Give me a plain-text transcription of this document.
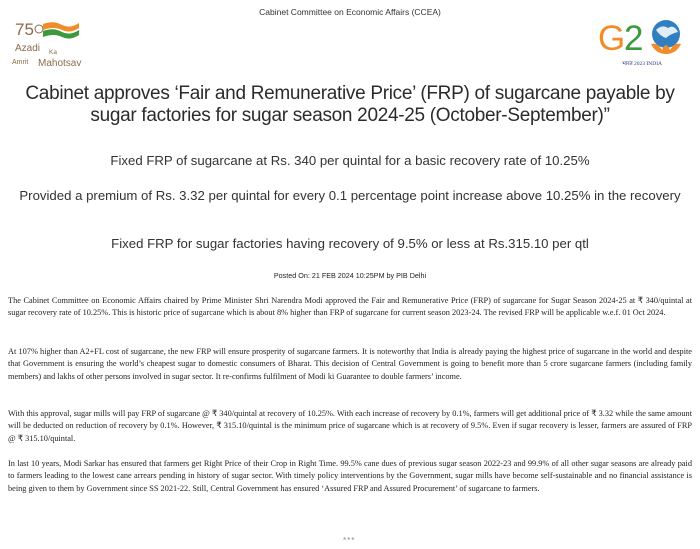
Cabinet Committee on Economic Affairs (CCEA)
75
Azadi Ka
Amrit Mahotsav
G
2
भारत 2023 INDIA
Cabinet approves ‘Fair and Remunerative Price’ (FRP) of sugarcane payable by sugar factories for sugar season 2024-25 (October-September)”
Fixed FRP of sugarcane at Rs. 340 per quintal for a basic recovery rate of 10.25%
Provided a premium of Rs. 3.32 per quintal for every 0.1 percentage point increase above 10.25% in the recovery
Fixed FRP for sugar factories having recovery of 9.5% or less at Rs.315.10 per qtl
Posted On: 21 FEB 2024 10:25PM by PIB Delhi

The Cabinet Committee on Economic Affairs chaired by Prime Minister Shri Narendra Modi approved the Fair and Remunerative Price (FRP) of sugarcane for Sugar Season 2024-25 at ₹ 340/quintal at sugar recovery rate of 10.25%. This is historic price of sugarcane which is about 8% higher than FRP of sugarcane for current season 2023-24. The revised FRP will be applicable w.e.f. 01 Oct 2024.

At 107% higher than A2+FL cost of sugarcane, the new FRP will ensure prosperity of sugarcane farmers. It is noteworthy that India is already paying the highest price of sugarcane in the world and despite that Government is ensuring the world’s cheapest sugar to domestic consumers of Bharat. This decision of Central Government is going to benefit more than 5 crore sugarcane farmers (including family members) and lakhs of other persons involved in sugar sector. It re-confirms fulfilment of Modi ki Guarantee to double farmers’ income.

With this approval, sugar mills will pay FRP of sugarcane @ ₹ 340/quintal at recovery of 10.25%. With each increase of recovery by 0.1%, farmers will get additional price of ₹ 3.32 while the same amount will be deducted on reduction of recovery by 0.1%. However, ₹ 315.10/quintal is the minimum price of sugarcane which is at recovery of 9.5%. Even if sugar recovery is lesser, farmers are assured of FRP @ ₹ 315.10/quintal.

In last 10 years, Modi Sarkar has ensured that farmers get Right Price of their Crop in Right Time. 99.5% cane dues of previous sugar season 2022-23 and 99.9% of all other sugar seasons are already paid to farmers leading to the lowest cane arrears pending in history of sugar sector. With timely policy interventions by the Government, sugar mills have become self-sustainable and no financial assistance is being given to them by Government since SS 2021-22. Still, Central Government has ensured ‘Assured FRP and Assured Procurement’ of sugarcane to farmers.

***
